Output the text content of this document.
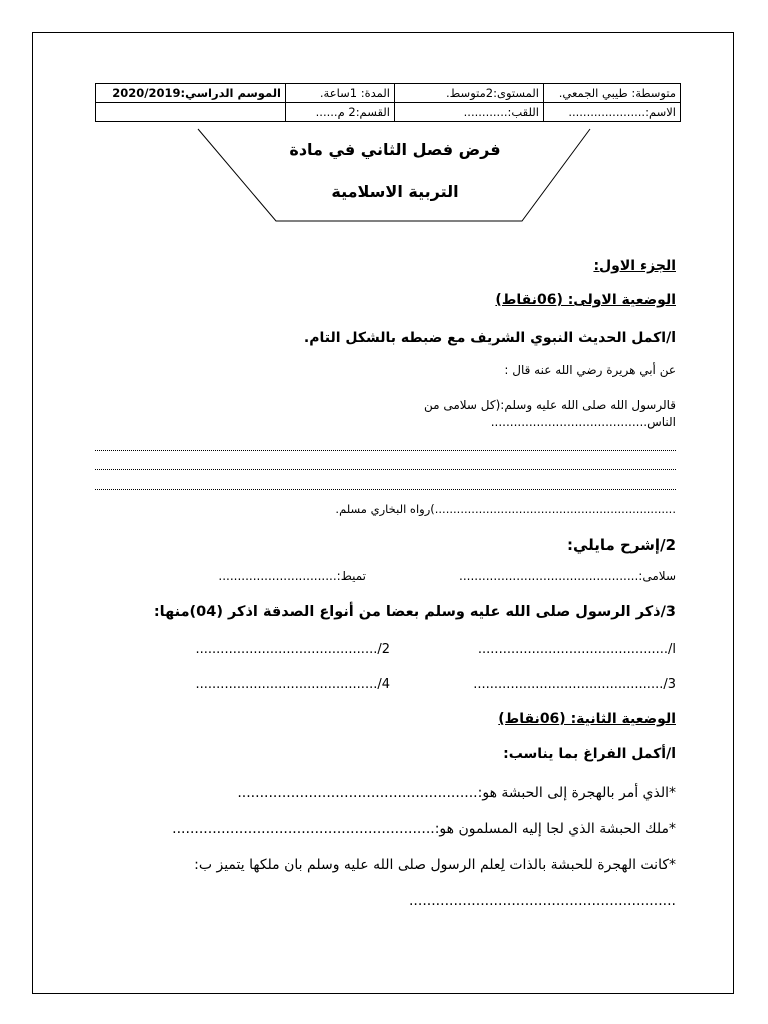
متوسطة: طيبي الجمعي.	المستوى:2متوسط.	المدة: 1ساعة.	الموسم الدراسي:2020/2019
الاسم:.....................	اللقب:............	القسم:2 م......	
فرض فصل الثاني في مادة
التربية الاسلامية
الجزء الاول:
الوضعية الاولى: (06نقاط)
l/اكمل الحديث النبوي الشريف مع ضبطه بالشكل التام.
عن أبي هريرة رضي الله عنه قال :
قالرسول الله صلى الله عليه وسلم:(كل سلامى من
الناس.........................................
..................................................................)رواه البخاري مسلم.
2/إشرح مايلي:
سلامى:...............................................
تميط:...............................
3/ذكر الرسول صلى الله عليه وسلم بعضا من أنواع الصدقة اذكر (04)منها:
l/..............................................
2/............................................
3/..............................................
4/............................................
الوضعية الثانية: (06نقاط)
l/أكمل الفراغ بما يناسب:
*الذي أمر بالهجرة إلى الحبشة هو:......................................................
*ملك الحبشة الذي لجا إليه المسلمون هو:...........................................................
*كانت الهجرة للحبشة بالذات لِعلم الرسول صلى الله عليه وسلم بان ملكها يتميز ب:
............................................................
